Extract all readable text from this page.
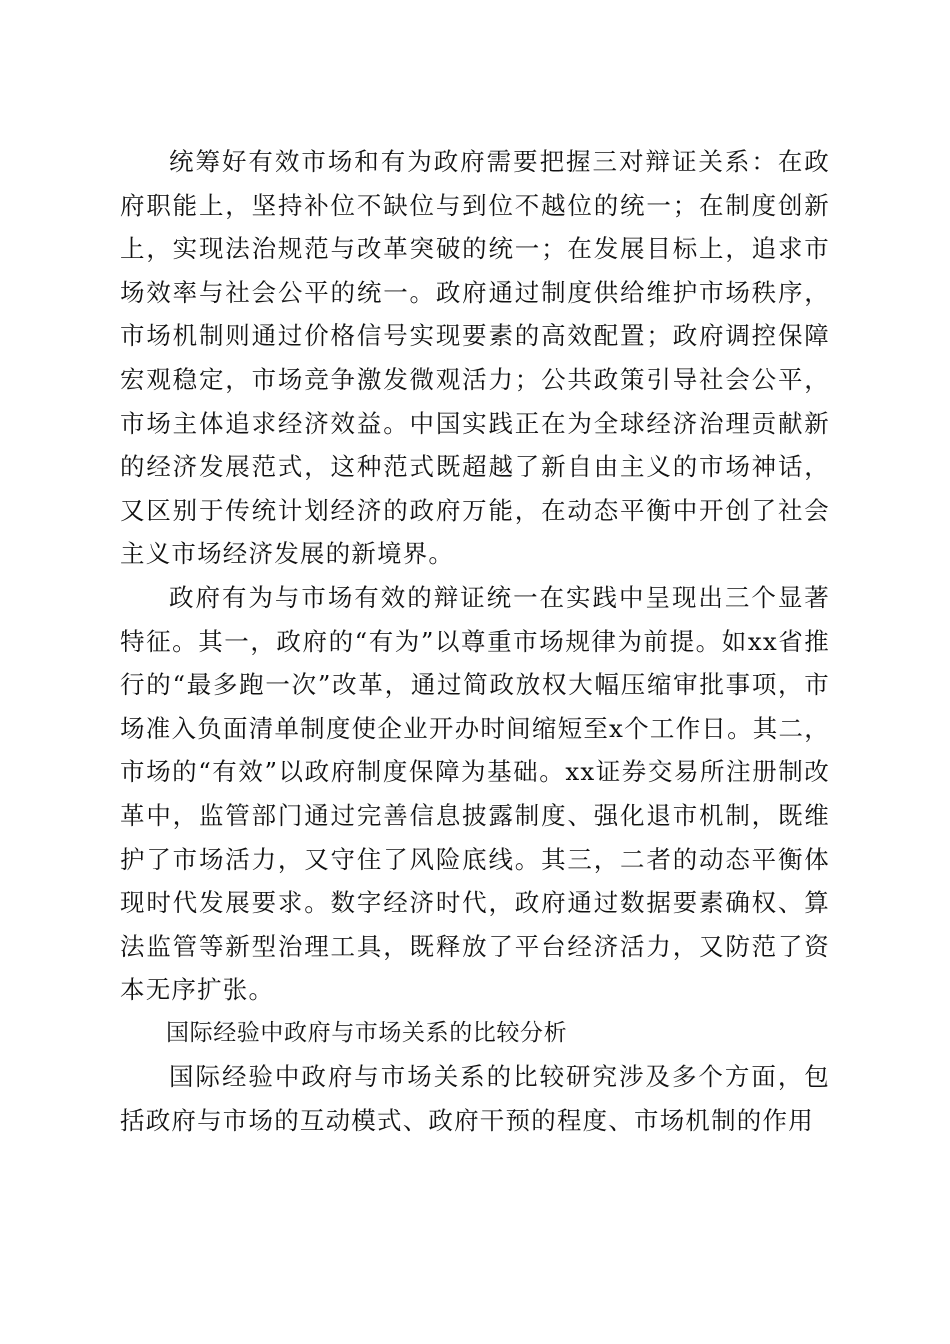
统筹好有效市场和有为政府需要把握三对辩证关系：在政府职能上，坚持补位不缺位与到位不越位的统一；在制度创新上，实现法治规范与改革突破的统一；在发展目标上，追求市场效率与社会公平的统一。政府通过制度供给维护市场秩序，市场机制则通过价格信号实现要素的高效配置；政府调控保障宏观稳定，市场竞争激发微观活力；公共政策引导社会公平，市场主体追求经济效益。中国实践正在为全球经济治理贡献新的经济发展范式，这种范式既超越了新自由主义的市场神话，又区别于传统计划经济的政府万能，在动态平衡中开创了社会主义市场经济发展的新境界。

政府有为与市场有效的辩证统一在实践中呈现出三个显著特征。其一，政府的“有为”以尊重市场规律为前提。如xx省推行的“最多跑一次”改革，通过简政放权大幅压缩审批事项，市场准入负面清单制度使企业开办时间缩短至x个工作日。其二，市场的“有效”以政府制度保障为基础。xx证券交易所注册制改革中，监管部门通过完善信息披露制度、强化退市机制，既维护了市场活力，又守住了风险底线。其三，二者的动态平衡体现时代发展要求。数字经济时代，政府通过数据要素确权、算法监管等新型治理工具，既释放了平台经济活力，又防范了资本无序扩张。

国际经验中政府与市场关系的比较分析

国际经验中政府与市场关系的比较研究涉及多个方面，包括政府与市场的互动模式、政府干预的程度、市场机制的作用
